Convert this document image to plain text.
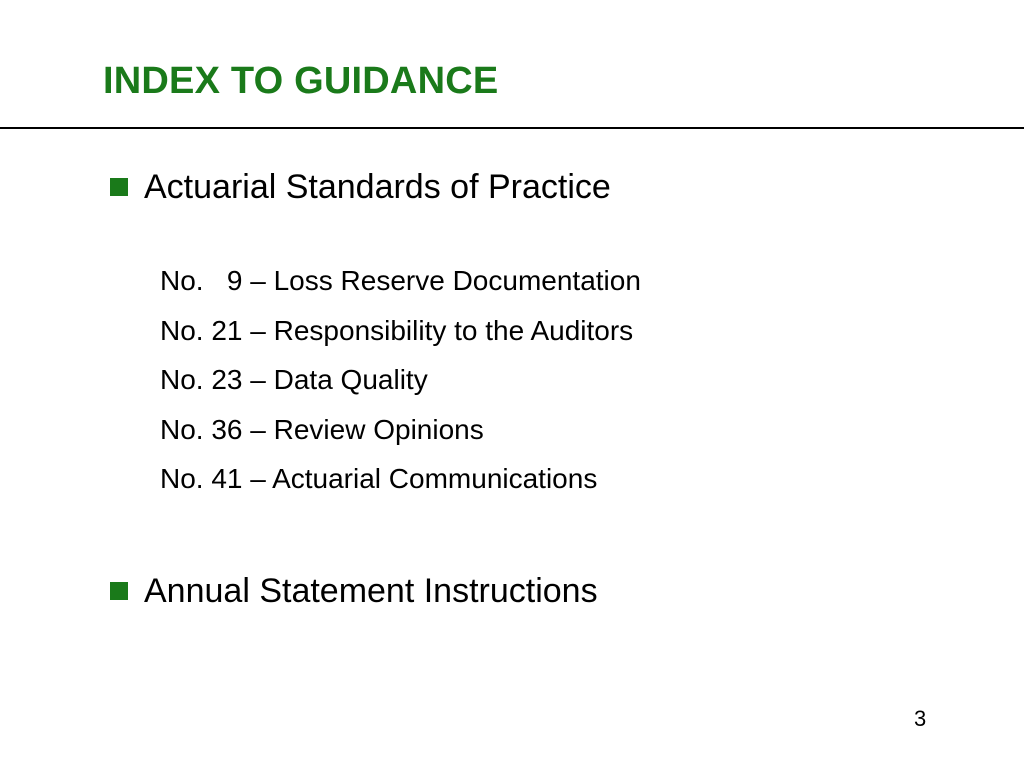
INDEX TO GUIDANCE
Actuarial Standards of Practice
No.   9 – Loss Reserve Documentation
No. 21 – Responsibility to the Auditors
No. 23 – Data Quality
No. 36 – Review Opinions
No. 41 – Actuarial Communications
Annual Statement Instructions
3
